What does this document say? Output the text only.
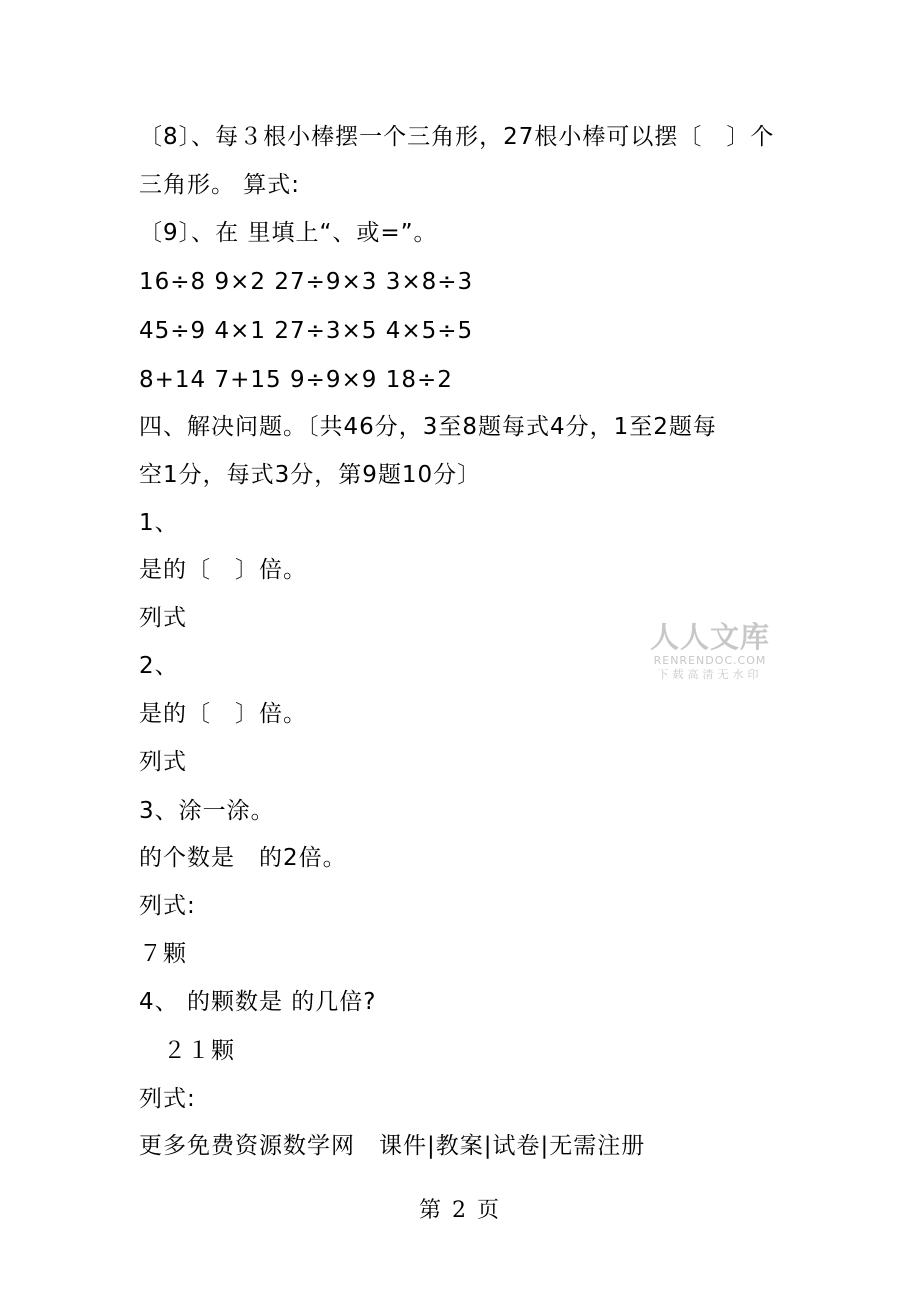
〔8〕、每３根小棒摆一个三角形，27根小棒可以摆〔　〕个
三角形。 算式:
〔9〕、在 里填上“、或=”。
16÷8 9×2 27÷9×3 3×8÷3
45÷9 4×1 27÷3×5 4×5÷5
8+14 7+15 9÷9×9 18÷2
四、解决问题。〔共46分，3至8题每式4分，1至2题每
空1分，每式3分，第9题10分〕
1、
是的〔　〕倍。
列式
2、
是的〔　〕倍。
列式
3、涂一涂。
的个数是　的2倍。
列式:
７颗
4、 的颗数是 的几倍?
　２１颗
列式:
更多免费资源数学网　课件|教案|试卷|无需注册
第 2 页
人人文库
RENRENDOC.COM
下载高清无水印
